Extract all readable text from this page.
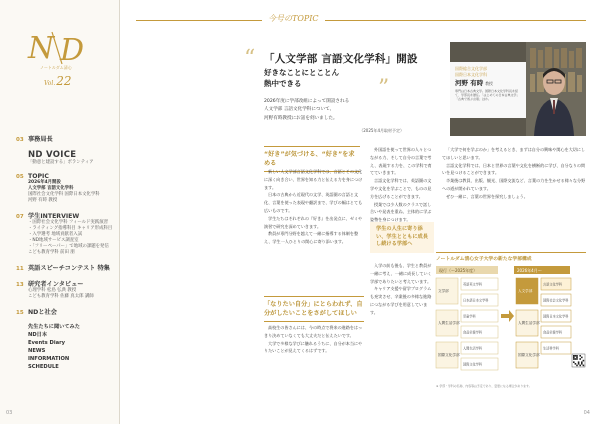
N D
ノートルダム清心
Vol.22
03 事務局長
ND VOICE
「動意と建設する」ボランティア
05 TOPIC
2026年4月開設
人文学部 言語文化学科
国際社会文化学科 国際日本文化学科
河野 有時 教授
07 学生INTERVIEW
・国際社会文化学科 フィールド実践演習
・ライティング指導科目 キャリア形成科目
・入学選考 地域貢献者入試
・ND地域サービス調査室
・「フリーペーパー」で地域の課題を発信
こども教育学科 前田 朋
11 英語スピーチコンテスト 特集
13 研究者インタビュー
心理学科 松島 弘典 教授
こども教育学科 佐藤 真太郎 講師
15 NDと社会
先生たちに聞いてみた
ND日本
Events Diary
NEWS
INFORMATION
SCHEDULE
03
今号のTOPIC
“ 「人文学部 言語文化学科」開設
好きなことにとことん
熱中できる	”
2026年度に学部改組によって開設される
人文学部 言語文化学科について、
河野有時教授にお話を伺いました。
（2025年4月取材予定）
国際総合文化学部
国際日本文化学科
河野 有時 教授
専門は日本古典文学。国際日本文化学科長を経て、学部長を歴任。「はじめての日本古典文学」「古典で遊ぶ言葉」ほか。
“好き”が気づける、“好き”を求める

新しい人文学部言語文化学科では、言語とその文化に深く向き合い、世界を知る力と伝える力を身につけます。

日本の古典から近現代の文学、英語圏の言語と文化、言葉を使った表現や翻訳まで、学びの幅はとても広いものです。

学生たちはそれぞれの『好き』を出発点に、ゼミや演習で研究を深めていきます。

教員が専門分野を越えて一緒に指導する体制を整え、学生一人ひとりの関心に寄り添います。

「なりたい自分」にとらわれず、自分がしたいことをさがしてほしい

高校生の皆さんには、今の時点で将来の進路をはっきり決めていなくても大丈夫だと伝えたいです。

大学で多様な学びに触れるうちに、自分が本当にやりたいことが見えてくるはずです。

外国語を使って世界の人々とつながる力、そして自分の言葉で考え、表現する力を、この学科で育てていきます。

言語文化学科では、英語圏の文学や文化を学ぶことで、ものの見方を広げることができます。

授業では少人数のクラスで話し合いや発表を重ね、主体的に学ぶ姿勢を身につけます。

学生の人生に寄り添い、学生とともに成長し続ける学部へ

入学の前も後も、学生と教員が一緒に考え、一緒に成長していく学部でありたいと考えています。

キャリア支援や留学プログラムも充実させ、卒業後の多様な進路につながる学びを用意しています。

「大学で何を学ぶのか」を考えるとき、まずは自分の興味や関心を大切にしてほしいと思います。

言語文化学科では、日本と世界の言葉や文化を横断的に学び、自分なりの問いを見つけることができます。

卒業後は教員、出版、観光、国際交流など、言葉の力を生かせる様々な分野への道が開かれています。

ぜひ一緒に、言葉の世界を探究しましょう。

ノートルダム清心女子大学の新たな学部構成
現行（〜2025年度）	2026年4月〜
文学部
人間生活学部
国際文化学部
英語英文学科
日本語日本文学科
児童学科
食品栄養学科
人間生活学科
国際文化学科
人文学部
人間生活学部
国際文化学部
言語文化学科
国際社会文化学科
国際日本文化学科
食品栄養学科
生活科学科
※ 学部・学科の名称、内容等は予定であり、変更になる場合があります。
04
